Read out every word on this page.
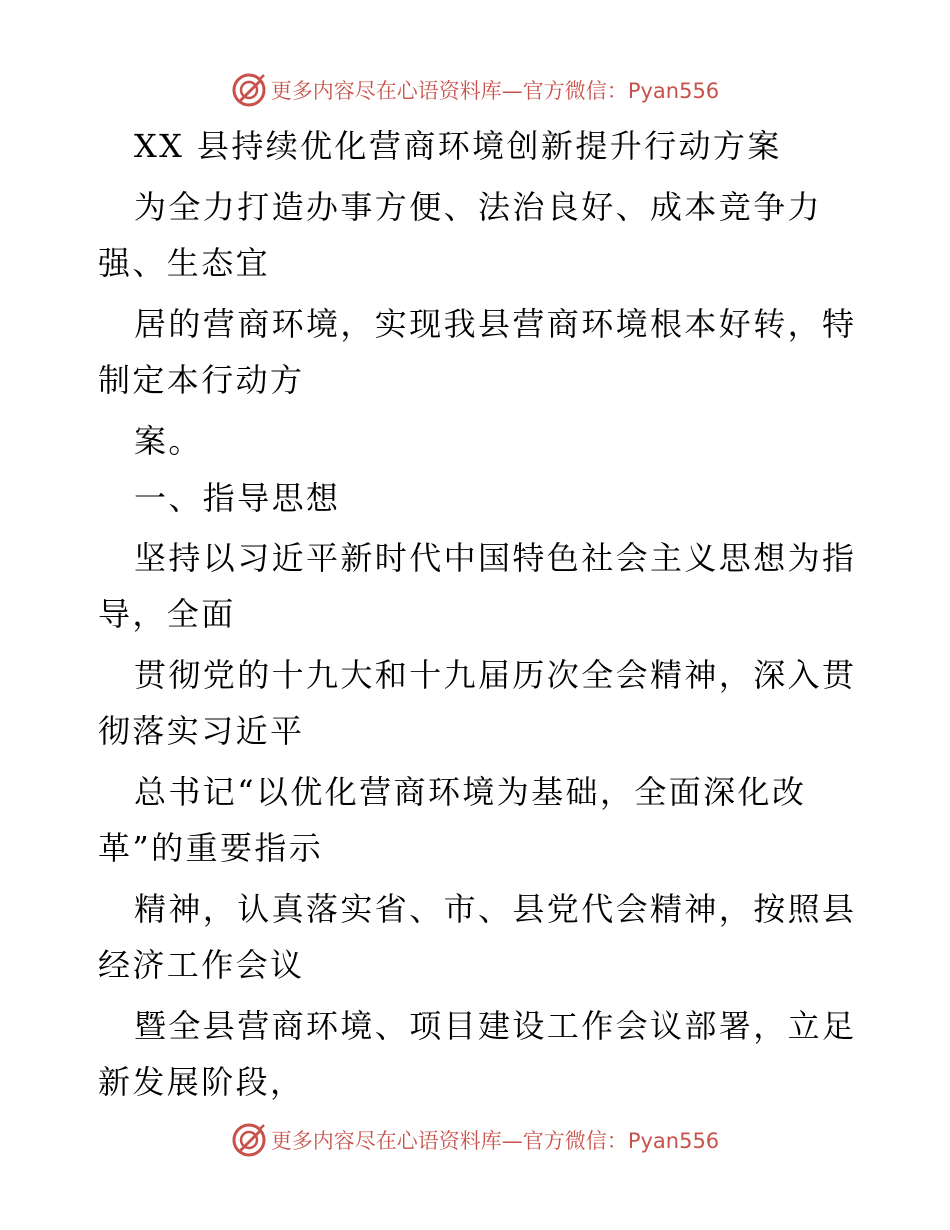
更多内容尽在心语资料库—官方微信：Pyan556
XX 县持续优化营商环境创新提升行动方案
为全力打造办事方便、法治良好、成本竞争力
强、生态宜
居的营商环境，实现我县营商环境根本好转，特
制定本行动方
案。
一、指导思想
坚持以习近平新时代中国特色社会主义思想为指
导，全面
贯彻党的十九大和十九届历次全会精神，深入贯
彻落实习近平
总书记“以优化营商环境为基础，全面深化改
革”的重要指示
精神，认真落实省、市、县党代会精神，按照县
经济工作会议
暨全县营商环境、项目建设工作会议部署，立足
新发展阶段，
更多内容尽在心语资料库—官方微信：Pyan556
